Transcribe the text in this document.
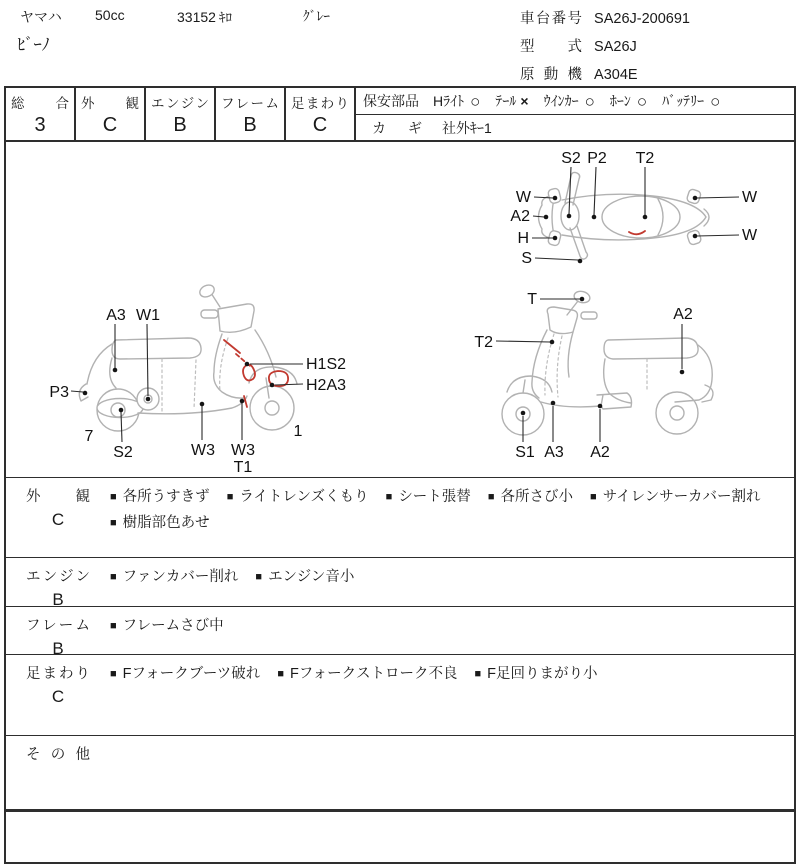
ヤマハ 50cc	33152 ｷﾛ	ｸﾞﾚｰ
ﾋﾞｰﾉ
車台番号 SA26J-200691
型式 SA26J
原動機 A304E
総合
3
外観
C
エンジン
B
フレーム
B
足まわり
C
保安部品 Hﾗｲﾄ ○ ﾃｰﾙ × ｳｲﾝｶｰ ○ ﾎｰﾝ ○ ﾊﾞｯﾃﾘｰ ○
カギ 社外ｷｰ1
S2 P2 T2
W
A2
H
S
W
W
A3 W1
P3
7
S2	W3 W3
T1
1
H1S2
H2A3
T
T2
A2
S1 A3 A2
外観
C
■ 各所うすきず ■ ライトレンズくもり ■ シート張替 ■ 各所さび小 ■ サイレンサーカバー割れ ■ 樹脂部色あせ
エンジン
B
■ ファンカバー削れ ■ エンジン音小
フレーム
B
■ フレームさび中
足まわり
C
■ Fフォークブーツ破れ ■ Fフォークストローク不良 ■ F足回りまがり小
その他
